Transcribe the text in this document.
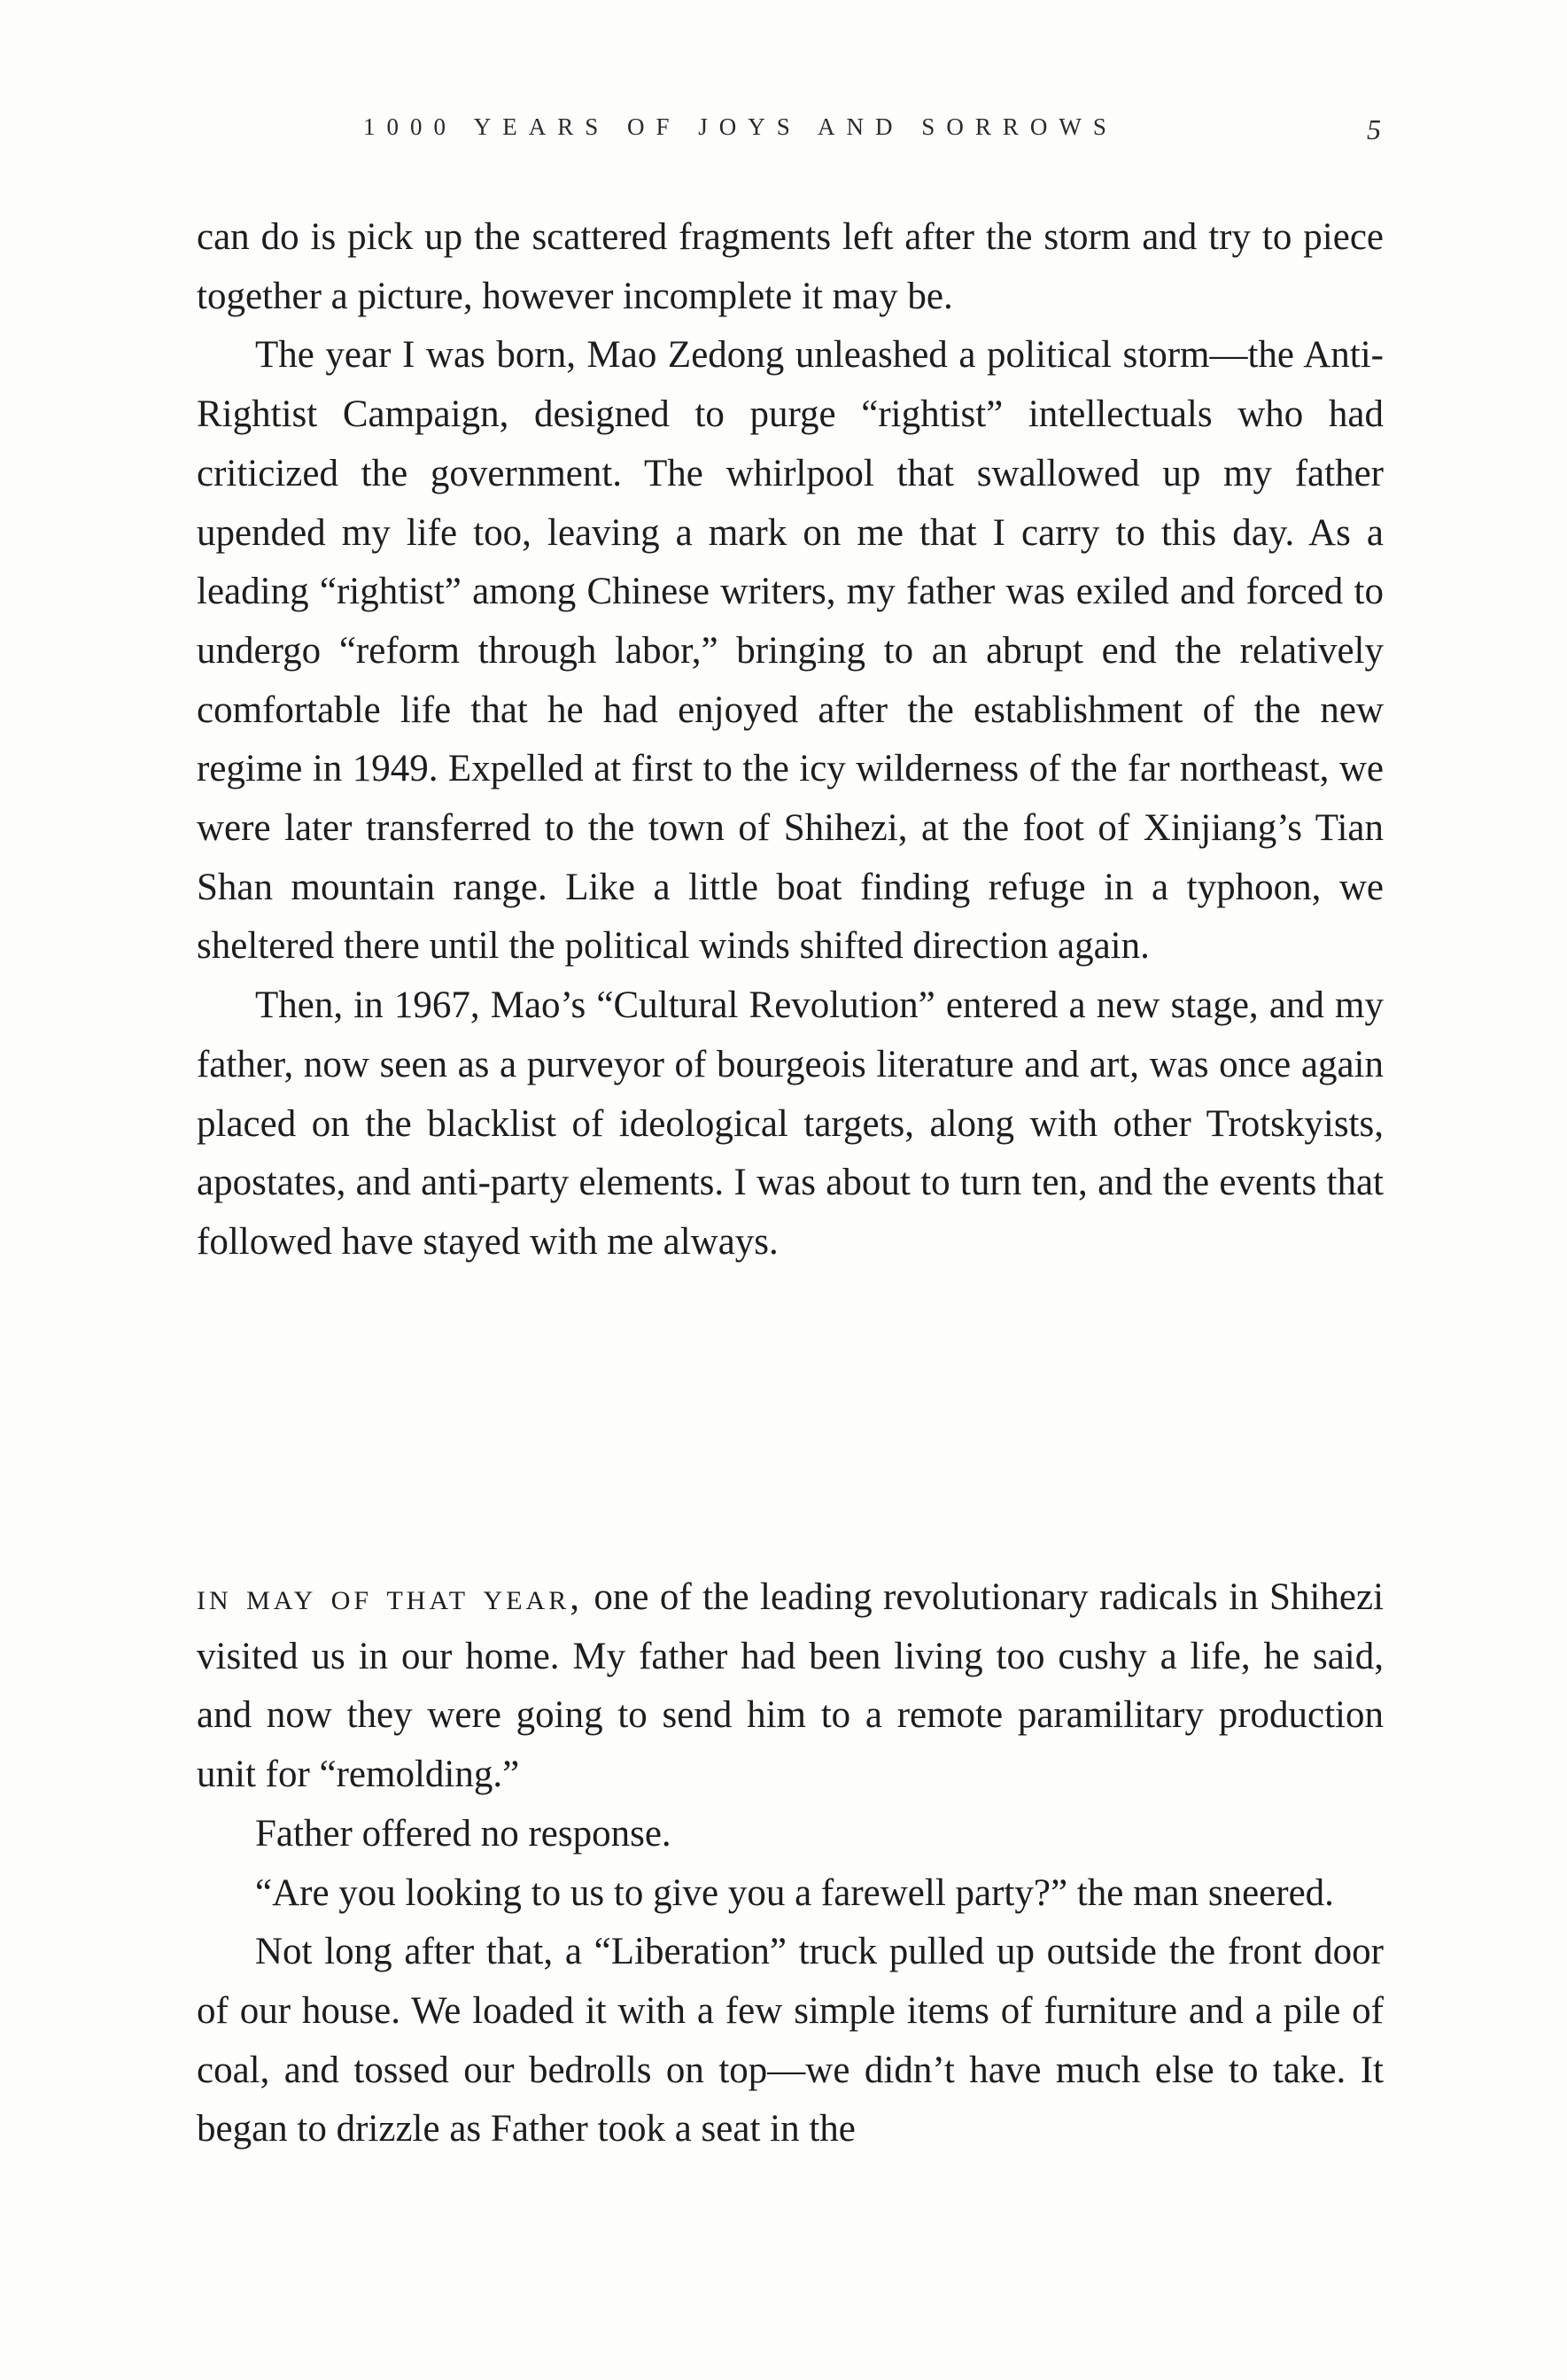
1000 YEARS OF JOYS AND SORROWS	5

can do is pick up the scattered fragments left after the storm and try to piece together a picture, however incomplete it may be.

The year I was born, Mao Zedong unleashed a political storm—the Anti-Rightist Campaign, designed to purge “rightist” intellectuals who had criticized the government. The whirlpool that swallowed up my father upended my life too, leaving a mark on me that I carry to this day. As a leading “rightist” among Chinese writers, my father was exiled and forced to undergo “reform through labor,” bringing to an abrupt end the relatively comfortable life that he had enjoyed after the establishment of the new regime in 1949. Expelled at first to the icy wilderness of the far northeast, we were later transferred to the town of Shihezi, at the foot of Xinjiang’s Tian Shan mountain range. Like a little boat finding refuge in a typhoon, we sheltered there until the political winds shifted direction again.

Then, in 1967, Mao’s “Cultural Revolution” entered a new stage, and my father, now seen as a purveyor of bourgeois literature and art, was once again placed on the blacklist of ideological targets, along with other Trotskyists, apostates, and anti-party elements. I was about to turn ten, and the events that followed have stayed with me always.

in may of that year, one of the leading revolutionary radicals in Shihezi visited us in our home. My father had been living too cushy a life, he said, and now they were going to send him to a remote paramilitary production unit for “remolding.”

Father offered no response.

“Are you looking to us to give you a farewell party?” the man sneered.

Not long after that, a “Liberation” truck pulled up outside the front door of our house. We loaded it with a few simple items of furniture and a pile of coal, and tossed our bedrolls on top—we didn’t have much else to take. It began to drizzle as Father took a seat in the
